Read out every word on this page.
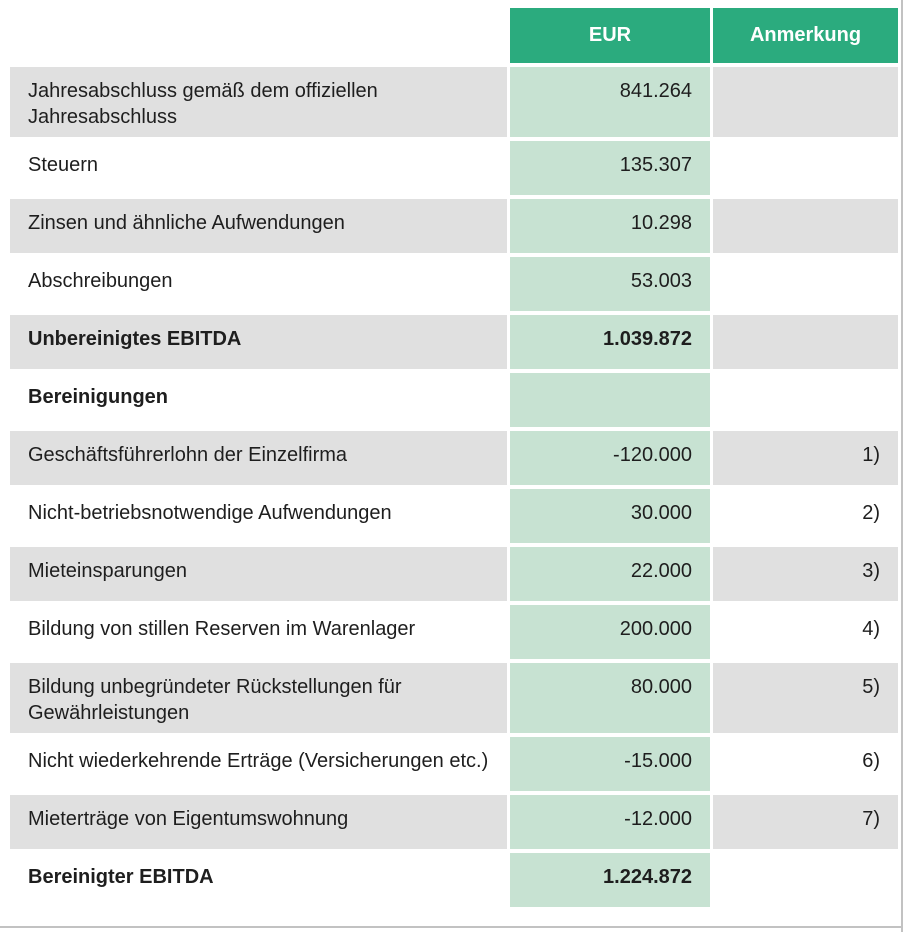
	EUR	Anmerkung
Jahresabschluss gemäß dem offiziellen Jahresabschluss	841.264	
Steuern	135.307	
Zinsen und ähnliche Aufwendungen	10.298	
Abschreibungen	53.003	
Unbereinigtes EBITDA	1.039.872	
Bereinigungen		
Geschäftsführerlohn der Einzelfirma	-120.000	1)
Nicht-betriebsnotwendige Aufwendungen	30.000	2)
Mieteinsparungen	22.000	3)
Bildung von stillen Reserven im Warenlager	200.000	4)
Bildung unbegründeter Rückstellungen für Gewährleistungen	80.000	5)
Nicht wiederkehrende Erträge (Versicherungen etc.)	-15.000	6)
Mieterträge von Eigentumswohnung	-12.000	7)
Bereinigter EBITDA	1.224.872	
